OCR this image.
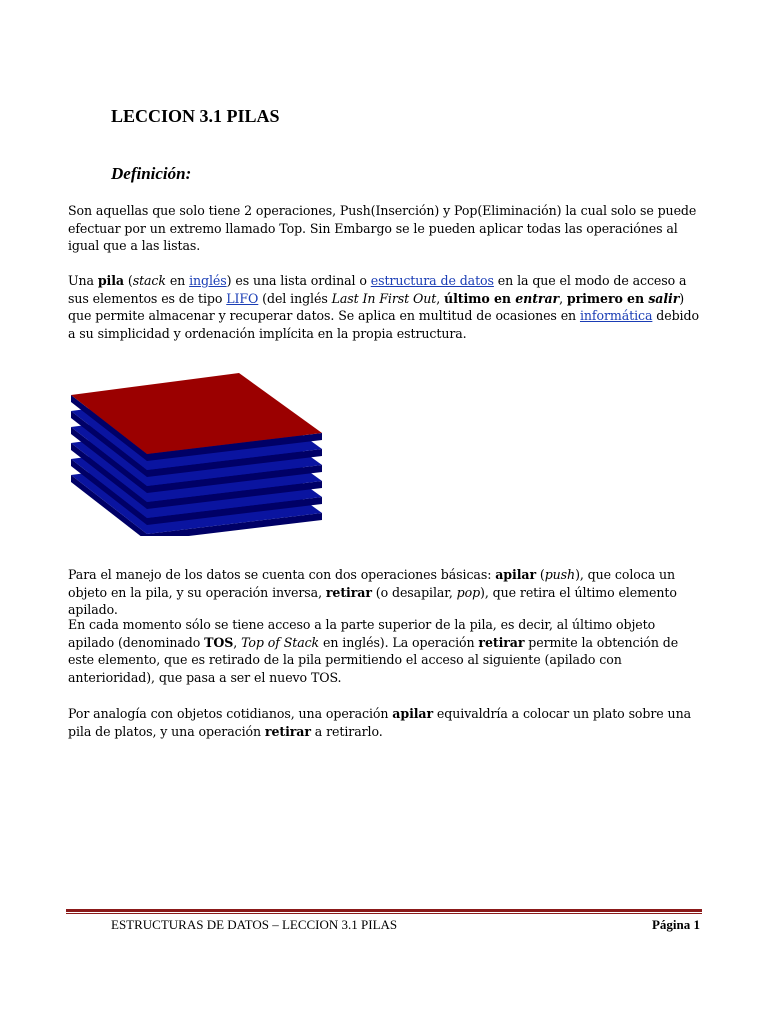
LECCION 3.1 PILAS
Definición:

Son aquellas que solo tiene 2 operaciones, Push(Inserción) y Pop(Eliminación) la cual solo se puede efectuar por un extremo llamado Top. Sin Embargo se le pueden aplicar todas las operaciónes al igual que a las listas.

Una pila (stack en inglés) es una lista ordinal o estructura de datos en la que el modo de acceso a sus elementos es de tipo LIFO (del inglés Last In First Out, último en entrar, primero en salir) que permite almacenar y recuperar datos. Se aplica en multitud de ocasiones en informática debido a su simplicidad y ordenación implícita en la propia estructura.

Para el manejo de los datos se cuenta con dos operaciones básicas: apilar (push), que coloca un objeto en la pila, y su operación inversa, retirar (o desapilar, pop), que retira el último elemento apilado.

En cada momento sólo se tiene acceso a la parte superior de la pila, es decir, al último objeto apilado (denominado TOS, Top of Stack en inglés). La operación retirar permite la obtención de este elemento, que es retirado de la pila permitiendo el acceso al siguiente (apilado con anterioridad), que pasa a ser el nuevo TOS.

Por analogía con objetos cotidianos, una operación apilar equivaldría a colocar un plato sobre una pila de platos, y una operación retirar a retirarlo.

ESTRUCTURAS DE DATOS – LECCION 3.1 PILAS	Página 1
